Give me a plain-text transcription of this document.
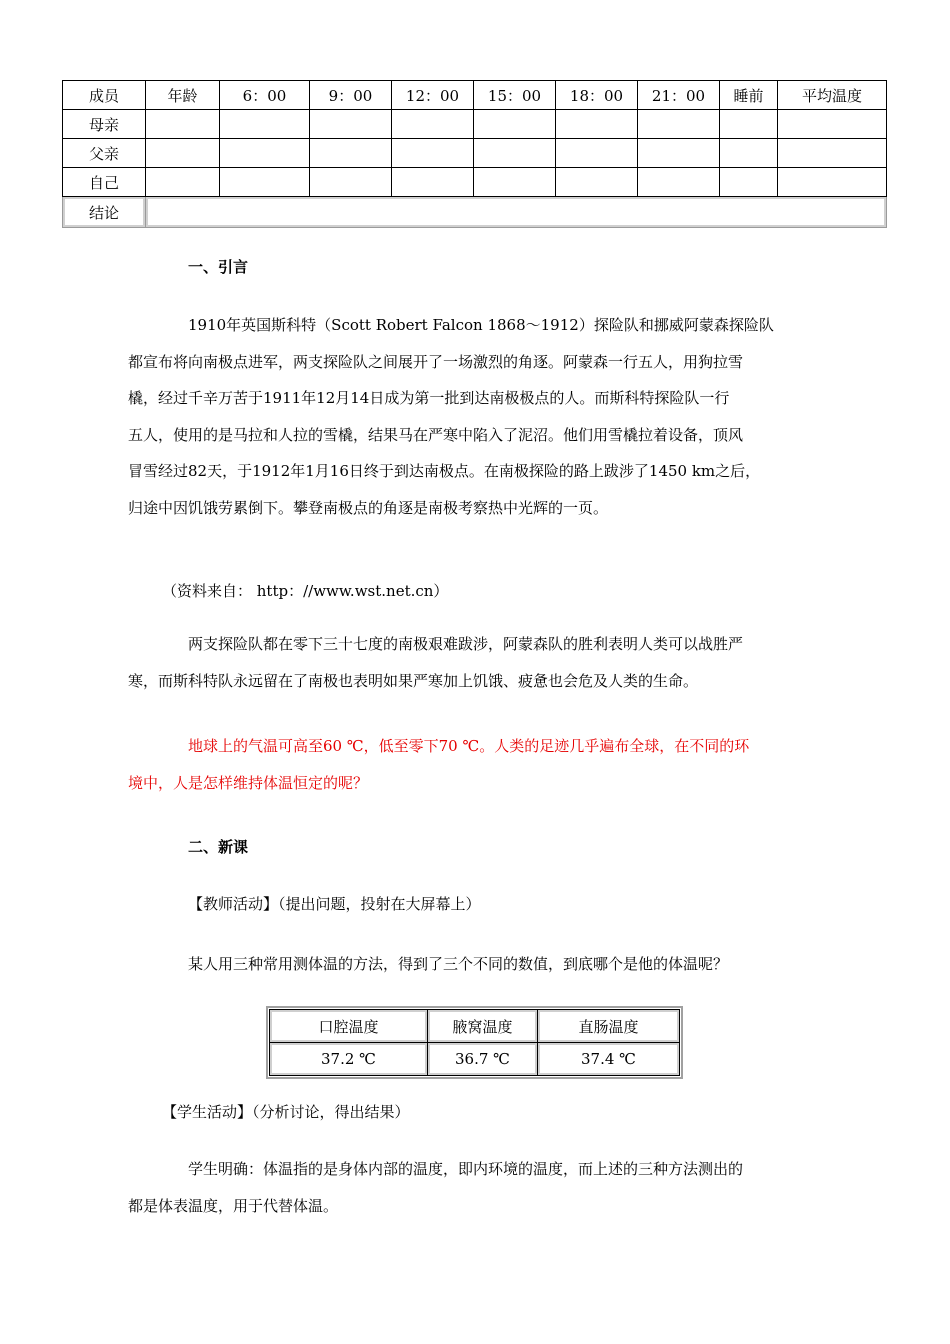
成员	年龄	6：00	9：00	12：00	15：00	18：00	21：00	睡前	平均温度
母亲									
父亲									
自己									
结论									
一、引言
1910年英国斯科特（Scott Robert Falcon 1868～1912）探险队和挪威阿蒙森探险队
都宣布将向南极点进军，两支探险队之间展开了一场激烈的角逐。阿蒙森一行五人，用狗拉雪
橇，经过千辛万苦于1911年12月14日成为第一批到达南极极点的人。而斯科特探险队一行
五人，使用的是马拉和人拉的雪橇，结果马在严寒中陷入了泥沼。他们用雪橇拉着设备，顶风
冒雪经过82天，于1912年1月16日终于到达南极点。在南极探险的路上跋涉了1450 km之后，
归途中因饥饿劳累倒下。攀登南极点的角逐是南极考察热中光辉的一页。
（资料来自： http：//www.wst.net.cn）
两支探险队都在零下三十七度的南极艰难跋涉，阿蒙森队的胜利表明人类可以战胜严
寒，而斯科特队永远留在了南极也表明如果严寒加上饥饿、疲惫也会危及人类的生命。
地球上的气温可高至60 ℃，低至零下70 ℃。人类的足迹几乎遍布全球，在不同的环
境中，人是怎样维持体温恒定的呢？
二、新课
【教师活动】（提出问题，投射在大屏幕上）
某人用三种常用测体温的方法，得到了三个不同的数值，到底哪个是他的体温呢？
口腔温度	腋窝温度	直肠温度
37.2 ℃	36.7 ℃	37.4 ℃
【学生活动】（分析讨论，得出结果）
学生明确：体温指的是身体内部的温度，即内环境的温度，而上述的三种方法测出的
都是体表温度，用于代替体温。
